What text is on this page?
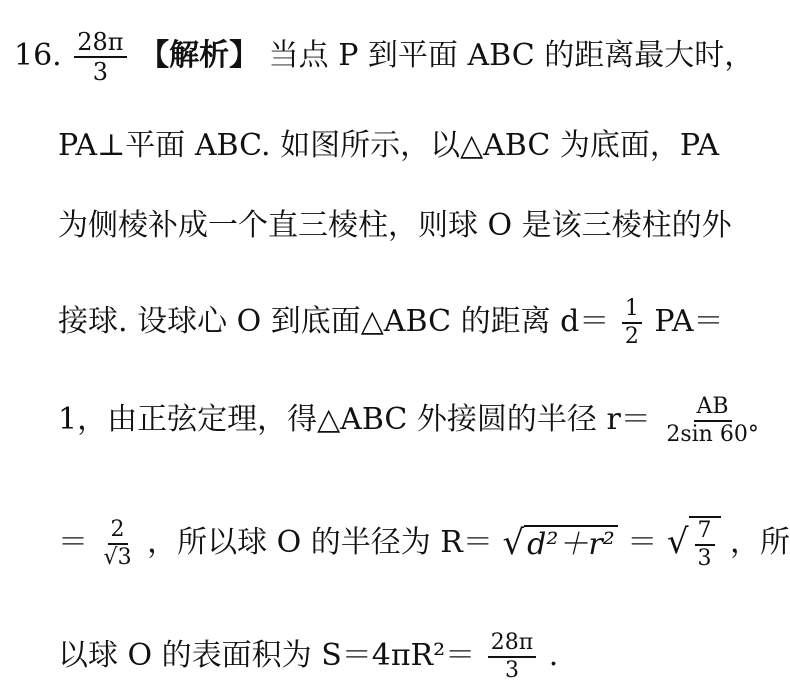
16. $\frac{28\pi}{3}$ 【解析】 当点 P 到平面 ABC 的距离最大时，
PA⊥平面 ABC. 如图所示，以△ABC 为底面，PA
为侧棱补成一个直三棱柱，则球 O 是该三棱柱的外
接球. 设球心 O 到底面△ABC 的距离 $d= \frac{1}{2} PA=$
1，由正弦定理，得△ABC 外接圆的半径 $r= \frac{AB}{2\sin 60^\circ}$
＝ $\frac{2}{√3}$ ，所以球 O 的半径为 R＝ √ d²＋r² ＝ √ $\frac{7}{3}$ ，所
以球 O 的表面积为 $S=4\pi R^2= \frac{28\pi}{3}$ .
